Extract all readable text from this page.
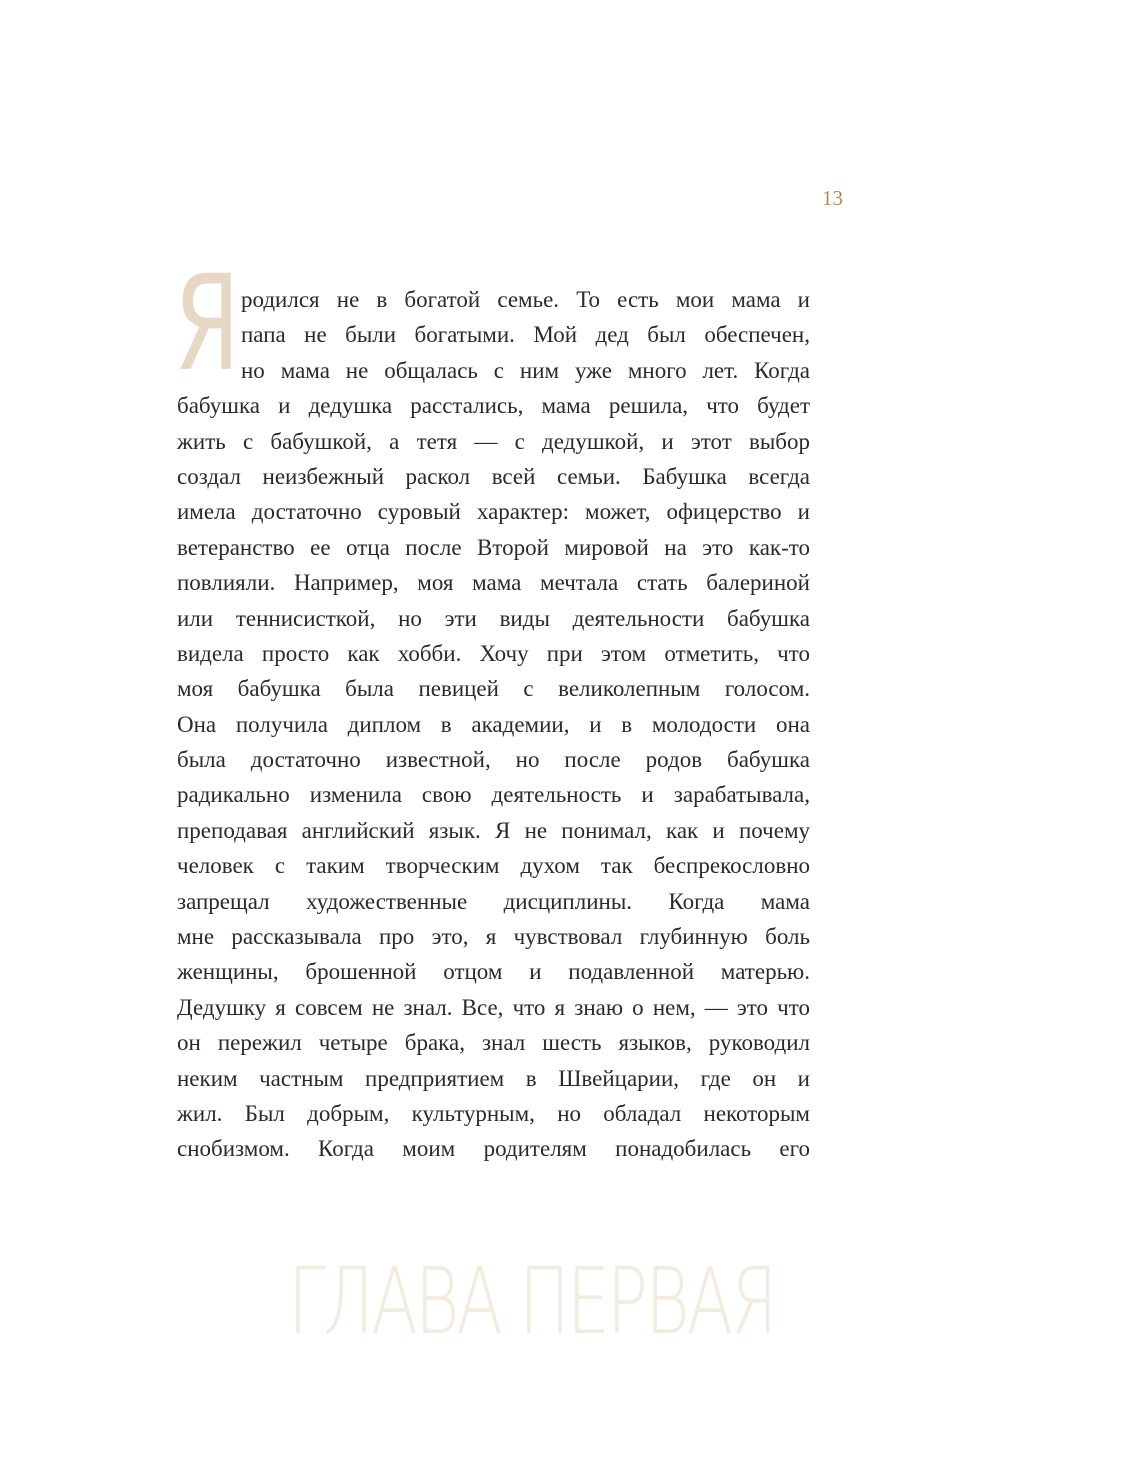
13
Я родился не в богатой семье. То есть мои мама и
папа не были богатыми. Мой дед был обеспечен,
но мама не общалась с ним уже много лет. Когда
бабушка и дедушка расстались, мама решила, что будет
жить с бабушкой, а тетя — с дедушкой, и этот выбор
создал неизбежный раскол всей семьи. Бабушка всегда
имела достаточно суровый характер: может, офицерство и
ветеранство ее отца после Второй мировой на это как-то
повлияли. Например, моя мама мечтала стать балериной
или теннисисткой, но эти виды деятельности бабушка
видела просто как хобби. Хочу при этом отметить, что
моя бабушка была певицей с великолепным голосом.
Она получила диплом в академии, и в молодости она
была достаточно известной, но после родов бабушка
радикально изменила свою деятельность и зарабатывала,
преподавая английский язык. Я не понимал, как и почему
человек с таким творческим духом так беспрекословно
запрещал художественные дисциплины. Когда мама
мне рассказывала про это, я чувствовал глубинную боль
женщины, брошенной отцом и подавленной матерью.
Дедушку я совсем не знал. Все, что я знаю о нем, — это что
он пережил четыре брака, знал шесть языков, руководил
неким частным предприятием в Швейцарии, где он и
жил. Был добрым, культурным, но обладал некоторым
снобизмом. Когда моим родителям понадобилась его
ГЛАВА ПЕРВАЯ
